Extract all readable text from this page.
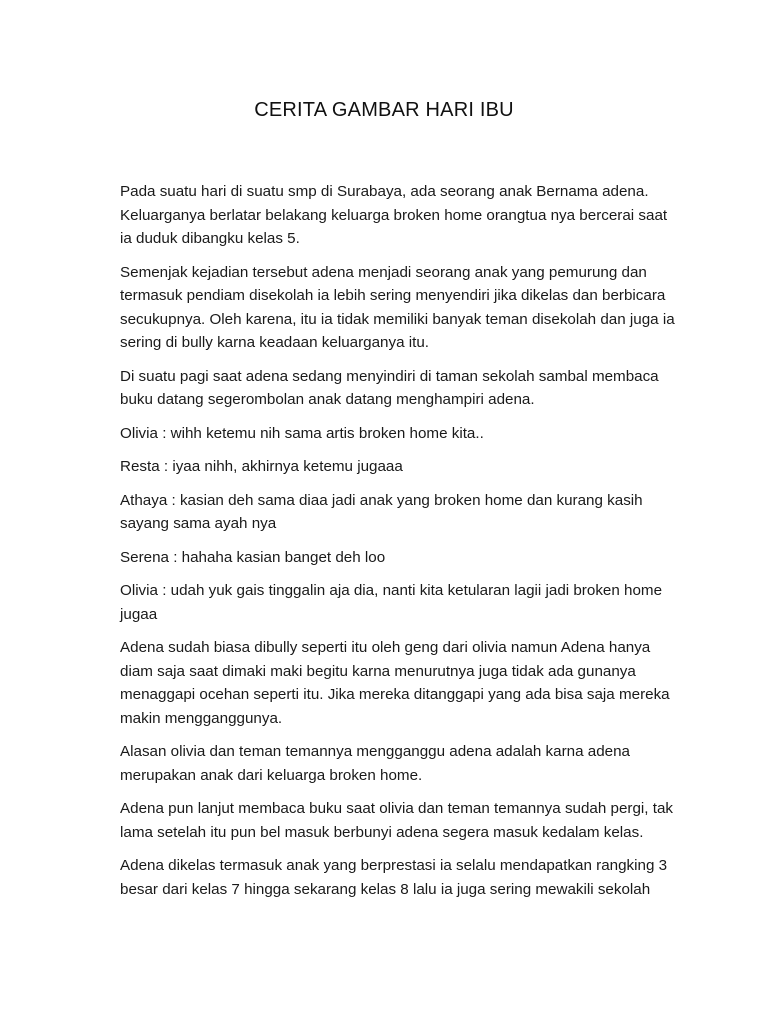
CERITA GAMBAR HARI IBU

Pada suatu hari di suatu smp di Surabaya, ada seorang anak Bernama adena. Keluarganya berlatar belakang keluarga broken home orangtua nya bercerai saat ia duduk dibangku kelas 5.

Semenjak kejadian tersebut adena menjadi seorang anak yang pemurung dan termasuk pendiam disekolah ia lebih sering menyendiri jika dikelas dan berbicara secukupnya. Oleh karena, itu ia tidak memiliki banyak teman disekolah dan juga ia sering di bully karna keadaan keluarganya itu.

Di suatu pagi saat adena sedang menyindiri di taman sekolah sambal membaca buku datang segerombolan anak datang menghampiri adena.

Olivia : wihh ketemu nih sama artis broken home kita..

Resta : iyaa nihh, akhirnya ketemu jugaaa

Athaya : kasian deh sama diaa jadi anak yang broken home dan kurang kasih sayang sama ayah nya

Serena : hahaha kasian banget deh loo

Olivia : udah yuk gais tinggalin aja dia, nanti kita ketularan lagii jadi broken home jugaa

Adena sudah biasa dibully seperti itu oleh geng dari olivia namun Adena hanya diam saja saat dimaki maki begitu karna menurutnya juga tidak ada gunanya menaggapi ocehan seperti itu. Jika mereka ditanggapi yang ada bisa saja mereka makin mengganggunya.

Alasan olivia dan teman temannya mengganggu adena adalah karna adena merupakan anak dari keluarga broken home.

Adena pun lanjut membaca buku saat olivia dan teman temannya sudah pergi, tak lama setelah itu pun bel masuk berbunyi adena segera masuk kedalam kelas.

Adena dikelas termasuk anak yang berprestasi ia selalu mendapatkan rangking 3 besar dari kelas 7 hingga sekarang kelas 8 lalu ia juga sering mewakili sekolah
